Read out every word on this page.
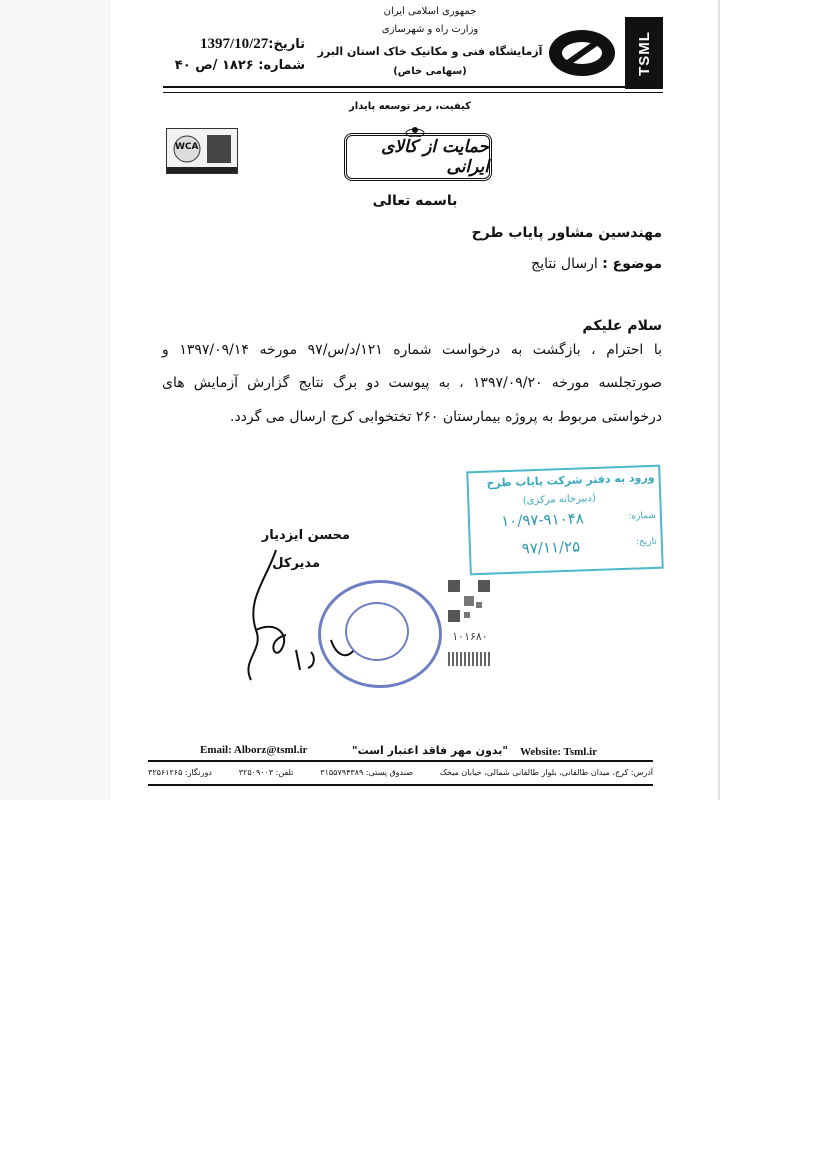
TSML
جمهوری اسلامی ایران
وزارت راه و شهرسازی
آزمایشگاه فنی و مکانیک خاک استان البرز
(سهامی خاص)
تاریخ:1397/10/27
شماره: ۱۸۲۶ /ص ۴۰
کیفیت، رمز توسعه پایدار
حمایت از کالای ایرانی
WCA
باسمه تعالی
مهندسین مشاور پایاب طرح
موضوع : ارسال نتایج
سلام علیکم
با احترام ، بازگشت به درخواست شماره ۱۲۱/د/س/۹۷ مورخه ۱۳۹۷/۰۹/۱۴ و
صورتجلسه مورخه ۱۳۹۷/۰۹/۲۰ ، به پیوست دو برگ نتایج گزارش آزمایش های
درخواستی مربوط به پروژه بیمارستان ۲۶۰ تختخوابی کرج ارسال می گردد.
ورود به دفتر شرکت پایاب طرح
(دبیرخانه مرکزی)
شماره:
۱۰/۹۷-۹۱۰۴۸
تاریخ:
۹۷/۱۱/۲۵
محسن ایزدیار
مدیرکل
۱۰۱۶۸۰
Email: Alborz@tsml.ir	"بدون مهر فاقد اعتبار است" Website: Tsml.ir
آدرس: کرج، میدان طالقانی، بلوار طالقانی شمالی، خیابان میخک
صندوق پستی: ۳۱۵۵۷۹۴۳۸۹
تلفن: ۳۲۵۰۹۰۰۳
دورنگار: ۳۲۵۶۱۲۶۵
